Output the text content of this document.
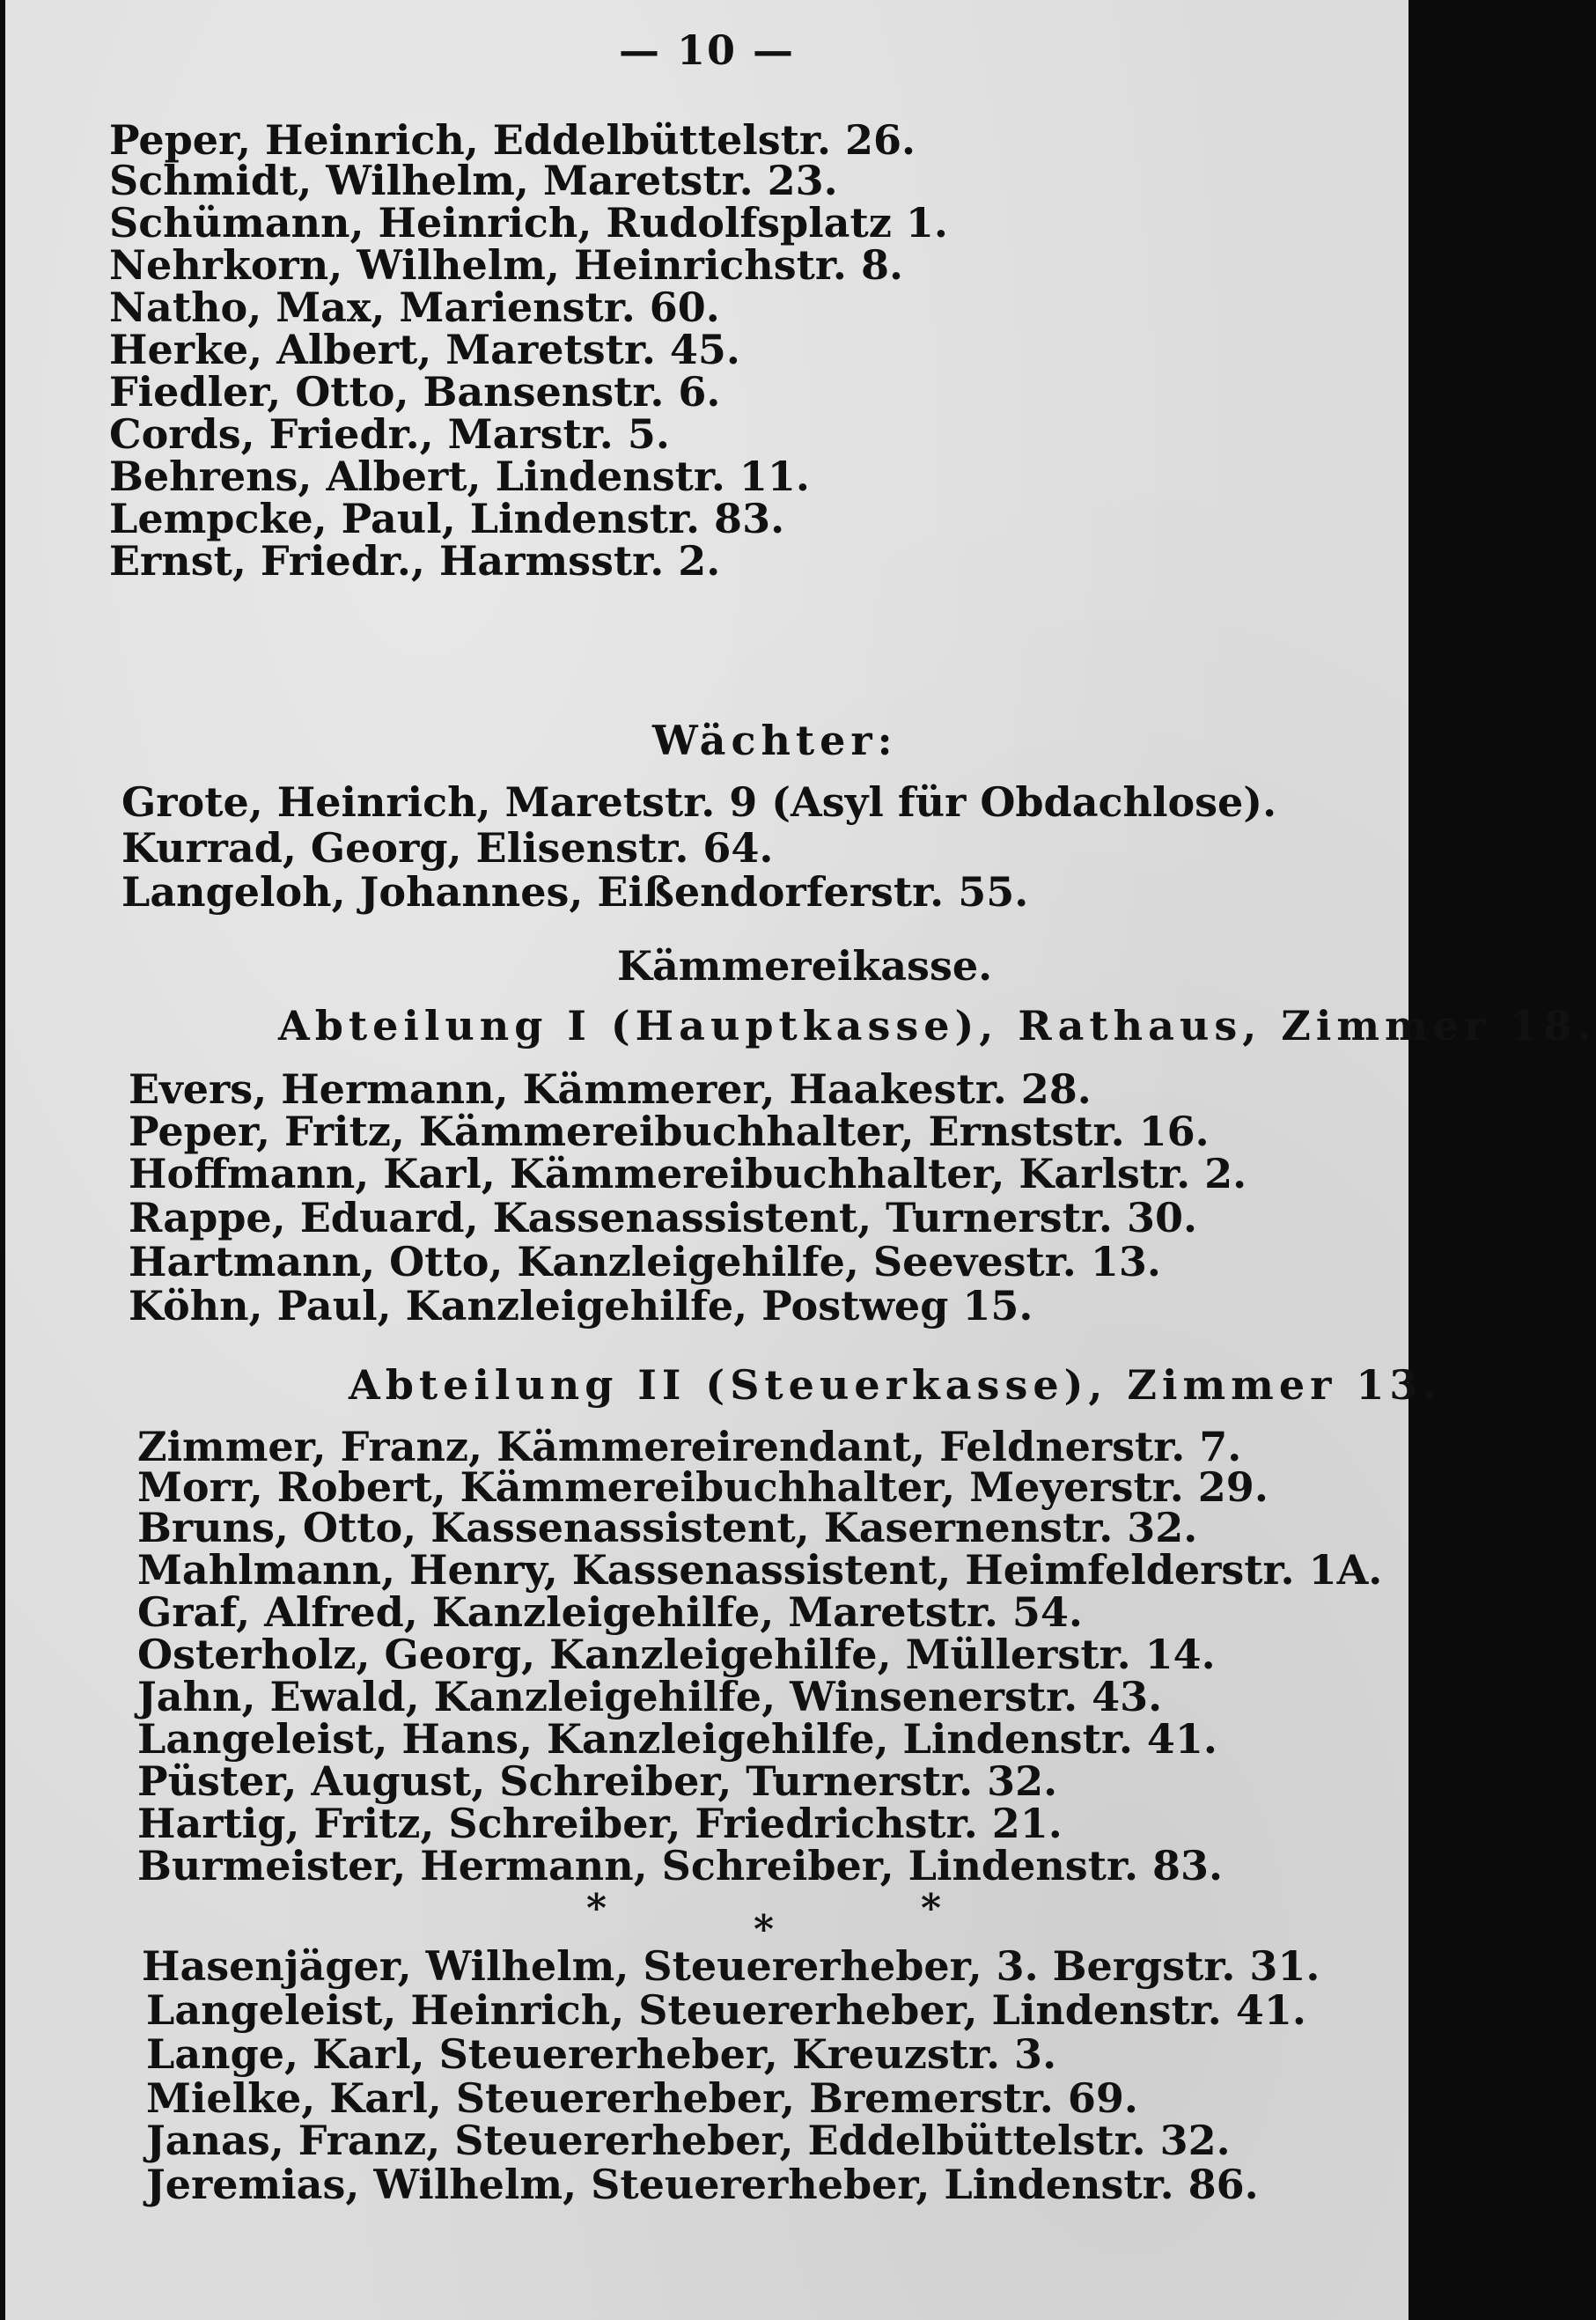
— 10 —
Peper, Heinrich, Eddelbüttelstr. 26.
Schmidt, Wilhelm, Maretstr. 23.
Schümann, Heinrich, Rudolfsplatz 1.
Nehrkorn, Wilhelm, Heinrichstr. 8.
Natho, Max, Marienstr. 60.
Herke, Albert, Maretstr. 45.
Fiedler, Otto, Bansenstr. 6.
Cords, Friedr., Marstr. 5.
Behrens, Albert, Lindenstr. 11.
Lempcke, Paul, Lindenstr. 83.
Ernst, Friedr., Harmsstr. 2.
Wächter:
Grote, Heinrich, Maretstr. 9 (Asyl für Obdachlose).
Kurrad, Georg, Elisenstr. 64.
Langeloh, Johannes, Eißendorferstr. 55.
Kämmereikasse.
Abteilung I (Hauptkasse), Rathaus, Zimmer 18.
Evers, Hermann, Kämmerer, Haakestr. 28.
Peper, Fritz, Kämmereibuchhalter, Ernststr. 16.
Hoffmann, Karl, Kämmereibuchhalter, Karlstr. 2.
Rappe, Eduard, Kassenassistent, Turnerstr. 30.
Hartmann, Otto, Kanzleigehilfe, Seevestr. 13.
Köhn, Paul, Kanzleigehilfe, Postweg 15.
Abteilung II (Steuerkasse), Zimmer 13.
Zimmer, Franz, Kämmereirendant, Feldnerstr. 7.
Morr, Robert, Kämmereibuchhalter, Meyerstr. 29.
Bruns, Otto, Kassenassistent, Kasernenstr. 32.
Mahlmann, Henry, Kassenassistent, Heimfelderstr. 1A.
Graf, Alfred, Kanzleigehilfe, Maretstr. 54.
Osterholz, Georg, Kanzleigehilfe, Müllerstr. 14.
Jahn, Ewald, Kanzleigehilfe, Winsenerstr. 43.
Langeleist, Hans, Kanzleigehilfe, Lindenstr. 41.
Püster, August, Schreiber, Turnerstr. 32.
Hartig, Fritz, Schreiber, Friedrichstr. 21.
Burmeister, Hermann, Schreiber, Lindenstr. 83.
*	*	*
Hasenjäger, Wilhelm, Steuererheber, 3. Bergstr. 31.
Langeleist, Heinrich, Steuererheber, Lindenstr. 41.
Lange, Karl, Steuererheber, Kreuzstr. 3.
Mielke, Karl, Steuererheber, Bremerstr. 69.
Janas, Franz, Steuererheber, Eddelbüttelstr. 32.
Jeremias, Wilhelm, Steuererheber, Lindenstr. 86.
